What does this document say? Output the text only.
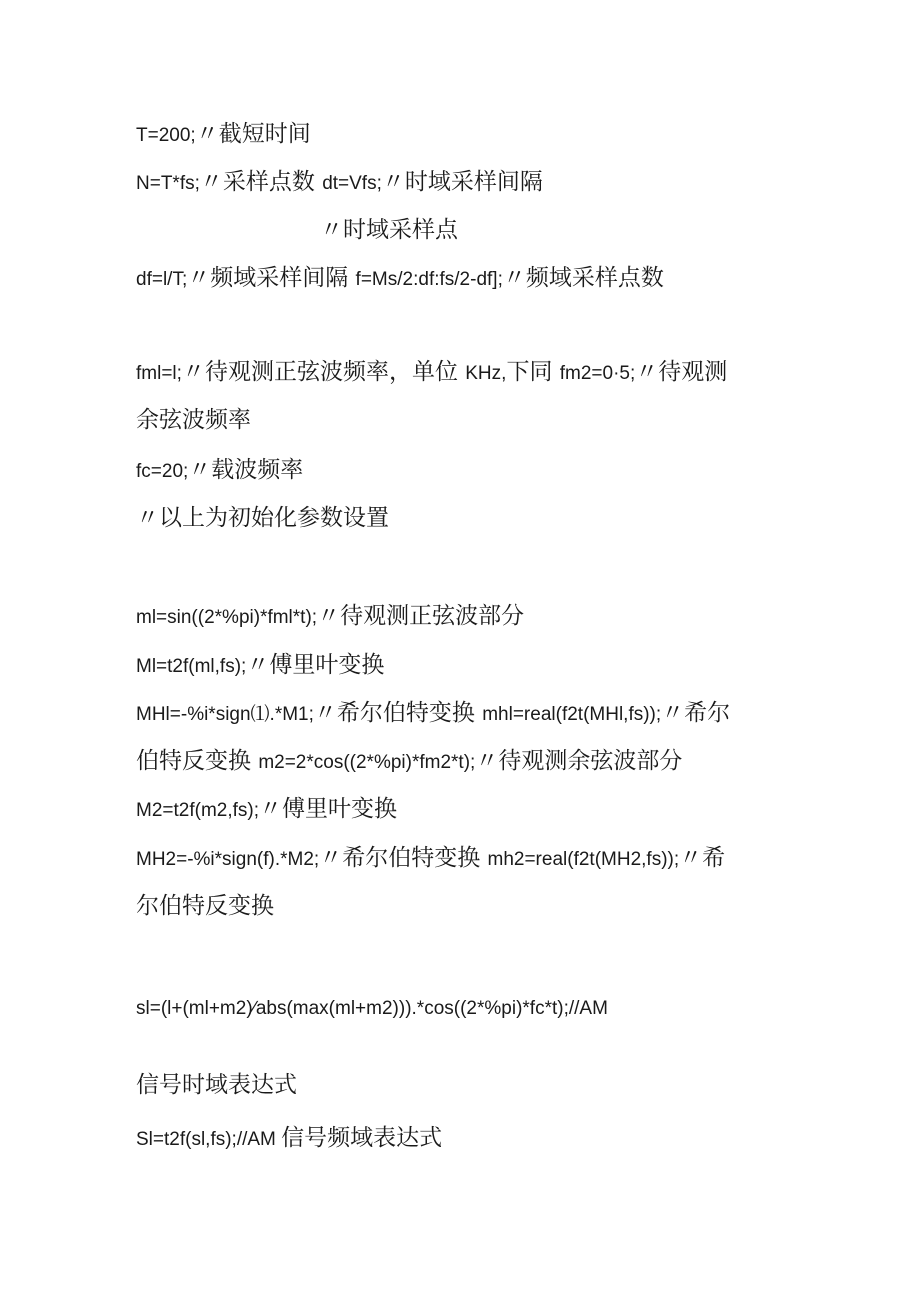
T=200;〃截短时间
N=T*fs;〃采样点数 dt=Vfs;〃时域采样间隔
〃时域采样点
df=l/T;〃频域采样间隔 f=Ms/2:df:fs/2-df];〃频域采样点数
fml=l;〃待观测正弦波频率，单位 KHz,下同 fm2=0·5;〃待观测
余弦波频率
fc=20;〃载波频率
〃以上为初始化参数设置
ml=sin((2*%pi)*fml*t);〃待观测正弦波部分
Ml=t2f(ml,fs);〃傅里叶变换
MHl=-%i*sign⑴.*M1;〃希尔伯特变换 mhl=real(f2t(MHl,fs));〃希尔
伯特反变换 m2=2*cos((2*%pi)*fm2*t);〃待观测余弦波部分
M2=t2f(m2,fs);〃傅里叶变换
MH2=-%i*sign(f).*M2;〃希尔伯特变换 mh2=real(f2t(MH2,fs));〃希
尔伯特反变换
sl=(l+(ml+m2)∕abs(max(ml+m2))).*cos((2*%pi)*fc*t);//AM
信号时域表达式
Sl=t2f(sl,fs);//AM 信号频域表达式
